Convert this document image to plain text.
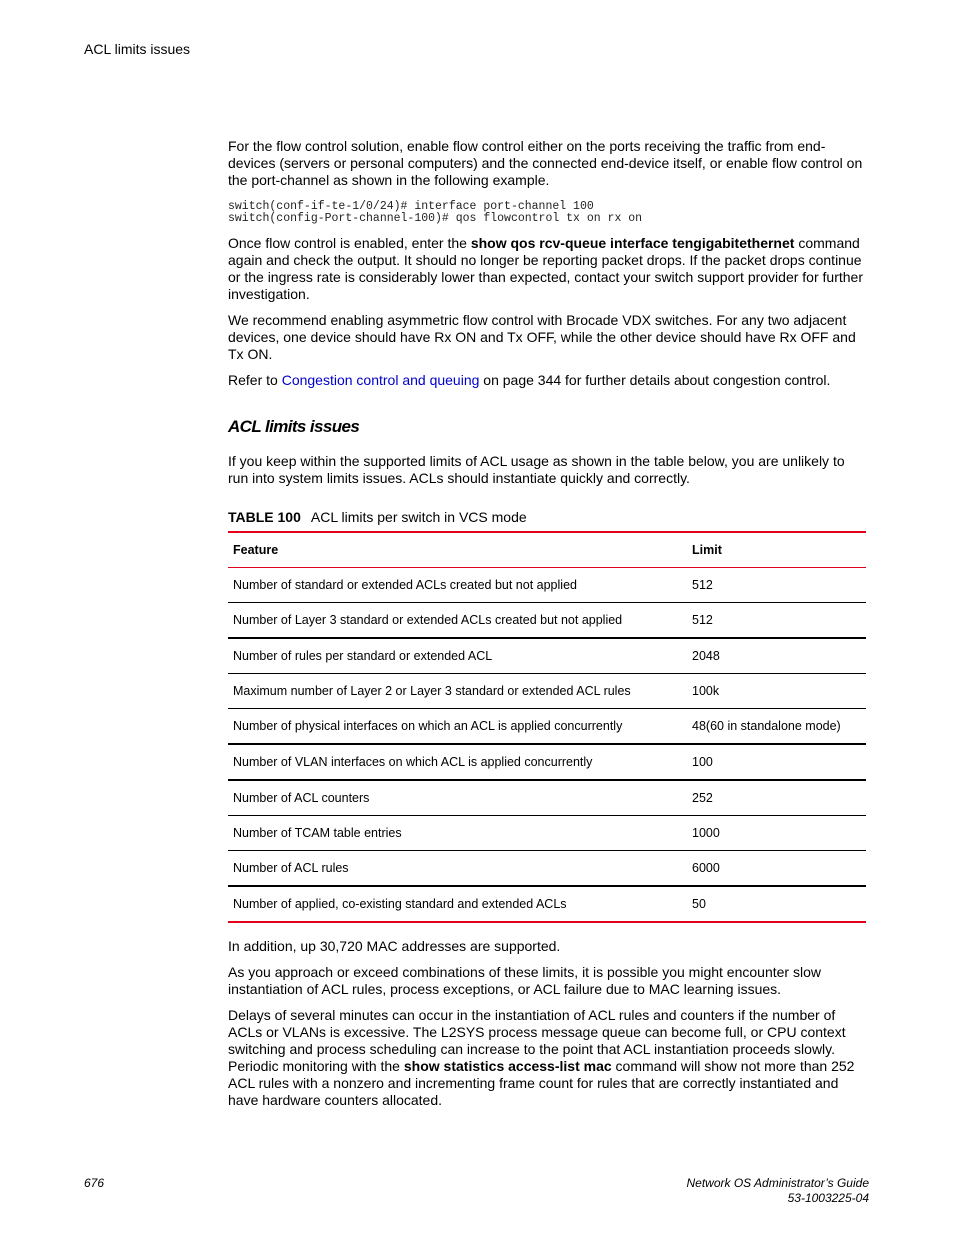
ACL limits issues

For the flow control solution, enable flow control either on the ports receiving the traffic from end-devices (servers or personal computers) and the connected end-device itself, or enable flow control on the port-channel as shown in the following example.

switch(conf-if-te-1/0/24)# interface port-channel 100
switch(config-Port-channel-100)# qos flowcontrol tx on rx on

Once flow control is enabled, enter the show qos rcv-queue interface tengigabitethernet command again and check the output. It should no longer be reporting packet drops. If the packet drops continue or the ingress rate is considerably lower than expected, contact your switch support provider for further investigation.

We recommend enabling asymmetric flow control with Brocade VDX switches. For any two adjacent devices, one device should have Rx ON and Tx OFF, while the other device should have Rx OFF and Tx ON.

Refer to Congestion control and queuing on page 344 for further details about congestion control.

ACL limits issues

If you keep within the supported limits of ACL usage as shown in the table below, you are unlikely to run into system limits issues. ACLs should instantiate quickly and correctly.

TABLE 100 ACL limits per switch in VCS mode
Feature	Limit
Number of standard or extended ACLs created but not applied	512
Number of Layer 3 standard or extended ACLs created but not applied	512
Number of rules per standard or extended ACL	2048
Maximum number of Layer 2 or Layer 3 standard or extended ACL rules	100k
Number of physical interfaces on which an ACL is applied concurrently	48(60 in standalone mode)
Number of VLAN interfaces on which ACL is applied concurrently	100
Number of ACL counters	252
Number of TCAM table entries	1000
Number of ACL rules	6000
Number of applied, co-existing standard and extended ACLs	50

In addition, up 30,720 MAC addresses are supported.

As you approach or exceed combinations of these limits, it is possible you might encounter slow instantiation of ACL rules, process exceptions, or ACL failure due to MAC learning issues.

Delays of several minutes can occur in the instantiation of ACL rules and counters if the number of ACLs or VLANs is excessive. The L2SYS process message queue can become full, or CPU context switching and process scheduling can increase to the point that ACL instantiation proceeds slowly. Periodic monitoring with the show statistics access-list mac command will show not more than 252 ACL rules with a nonzero and incrementing frame count for rules that are correctly instantiated and have hardware counters allocated.

676	Network OS Administrator’s Guide
53-1003225-04
